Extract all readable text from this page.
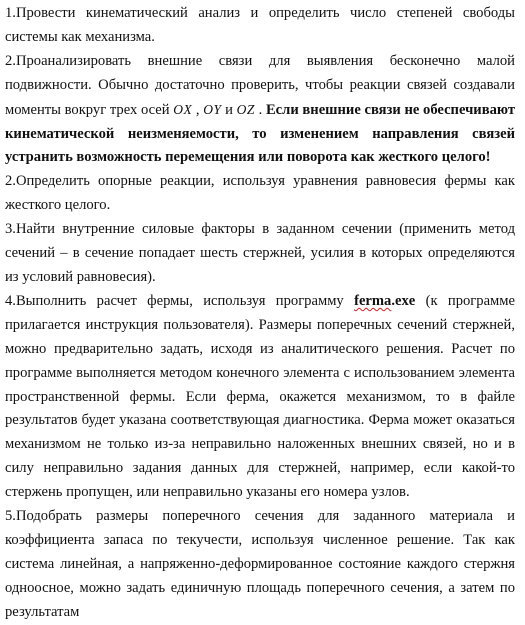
1.Провести кинематический анализ и определить число степеней свободы системы как механизма.

2.Проанализировать внешние связи для выявления бесконечно малой подвижности. Обычно достаточно проверить, чтобы реакции связей создавали моменты вокруг трех осей OX , OY и OZ . Если внешние связи не обеспечивают кинематической неизменяемости, то изменением направления связей устранить возможность перемещения или поворота как жесткого целого!

2.Определить опорные реакции, используя уравнения равновесия фермы как жесткого целого.

3.Найти внутренние силовые факторы в заданном сечении (применить метод сечений – в сечение попадает шесть стержней, усилия в которых определяются из условий равновесия).

4.Выполнить расчет фермы, используя программу ferma.exe (к программе прилагается инструкция пользователя). Размеры поперечных сечений стержней, можно предварительно задать, исходя из аналитического решения. Расчет по программе выполняется методом конечного элемента с использованием элемента пространственной фермы. Если ферма, окажется механизмом, то в файле результатов будет указана соответствующая диагностика. Ферма может оказаться механизмом не только из-за неправильно наложенных внешних связей, но и в силу неправильно задания данных для стержней, например, если какой-то стержень пропущен, или неправильно указаны его номера узлов.

5.Подобрать размеры поперечного сечения для заданного материала и коэффициента запаса по текучести, используя численное решение. Так как система линейная, а напряженно-деформированное состояние каждого стержня одноосное, можно задать единичную площадь поперечного сечения, а затем по результатам
